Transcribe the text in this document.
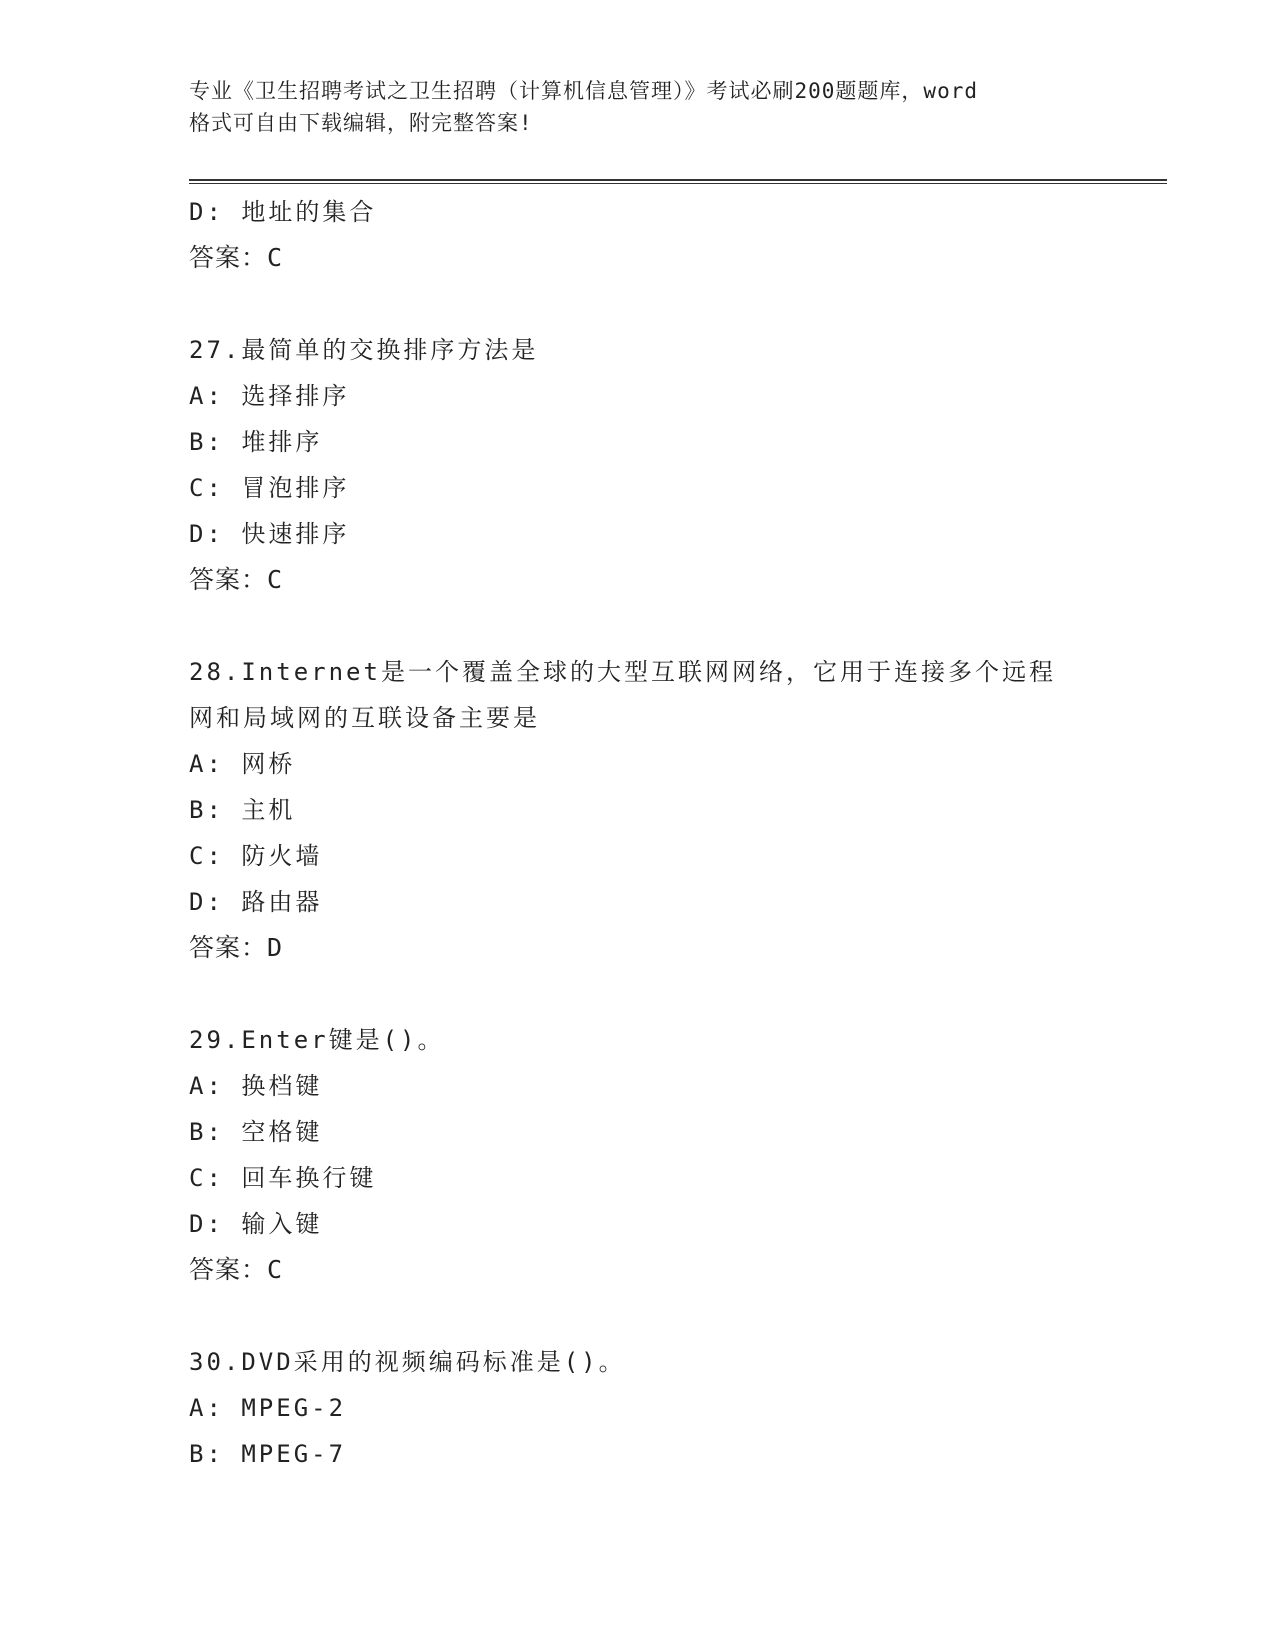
专业《卫生招聘考试之卫生招聘（计算机信息管理）》考试必刷200题题库，word
格式可自由下载编辑，附完整答案!
D: 地址的集合
答案：C
27.最简单的交换排序方法是
A: 选择排序
B: 堆排序
C: 冒泡排序
D: 快速排序
答案：C
28.Internet是一个覆盖全球的大型互联网网络，它用于连接多个远程
网和局域网的互联设备主要是
A: 网桥
B: 主机
C: 防火墙
D: 路由器
答案：D
29.Enter键是()。
A: 换档键
B: 空格键
C: 回车换行键
D: 输入键
答案：C
30.DVD采用的视频编码标准是()。
A: MPEG-2
B: MPEG-7
